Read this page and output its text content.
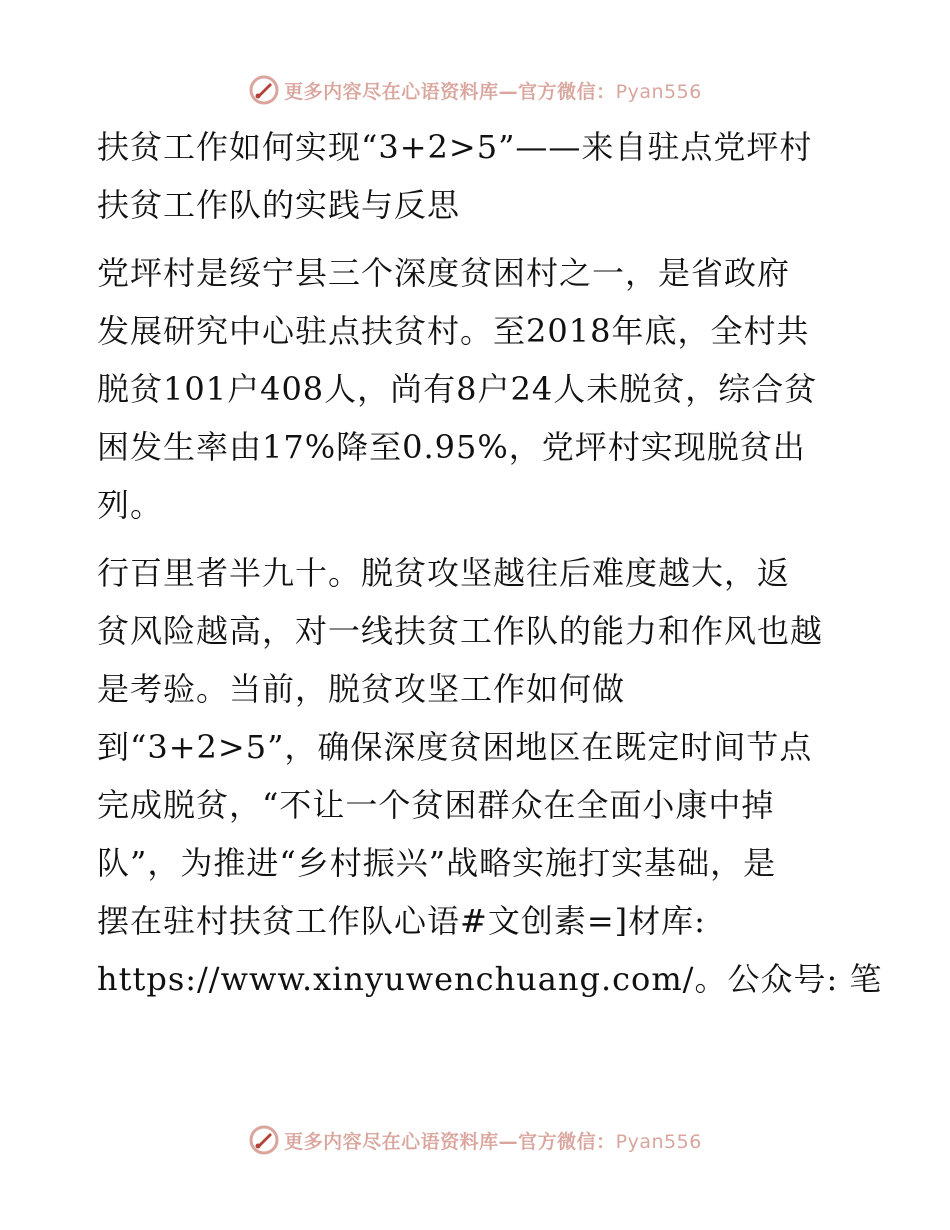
更多内容尽在心语资料库—官方微信：Pyan556
扶贫工作如何实现“3+2>5”——来自驻点党坪村
扶贫工作队的实践与反思
党坪村是绥宁县三个深度贫困村之一，是省政府
发展研究中心驻点扶贫村。至2018年底，全村共
脱贫101户408人，尚有8户24人未脱贫，综合贫
困发生率由17%降至0.95%，党坪村实现脱贫出
列。
行百里者半九十。脱贫攻坚越往后难度越大，返
贫风险越高，对一线扶贫工作队的能力和作风也越
是考验。当前，脱贫攻坚工作如何做
到“3+2>5”，确保深度贫困地区在既定时间节点
完成脱贫，“不让一个贫困群众在全面小康中掉
队”，为推进“乡村振兴”战略实施打实基础，是
摆在驻村扶贫工作队心语#文创素=]材库:
https://www.xinyuwenchuang.com/。公众号: 笔
更多内容尽在心语资料库—官方微信：Pyan556
